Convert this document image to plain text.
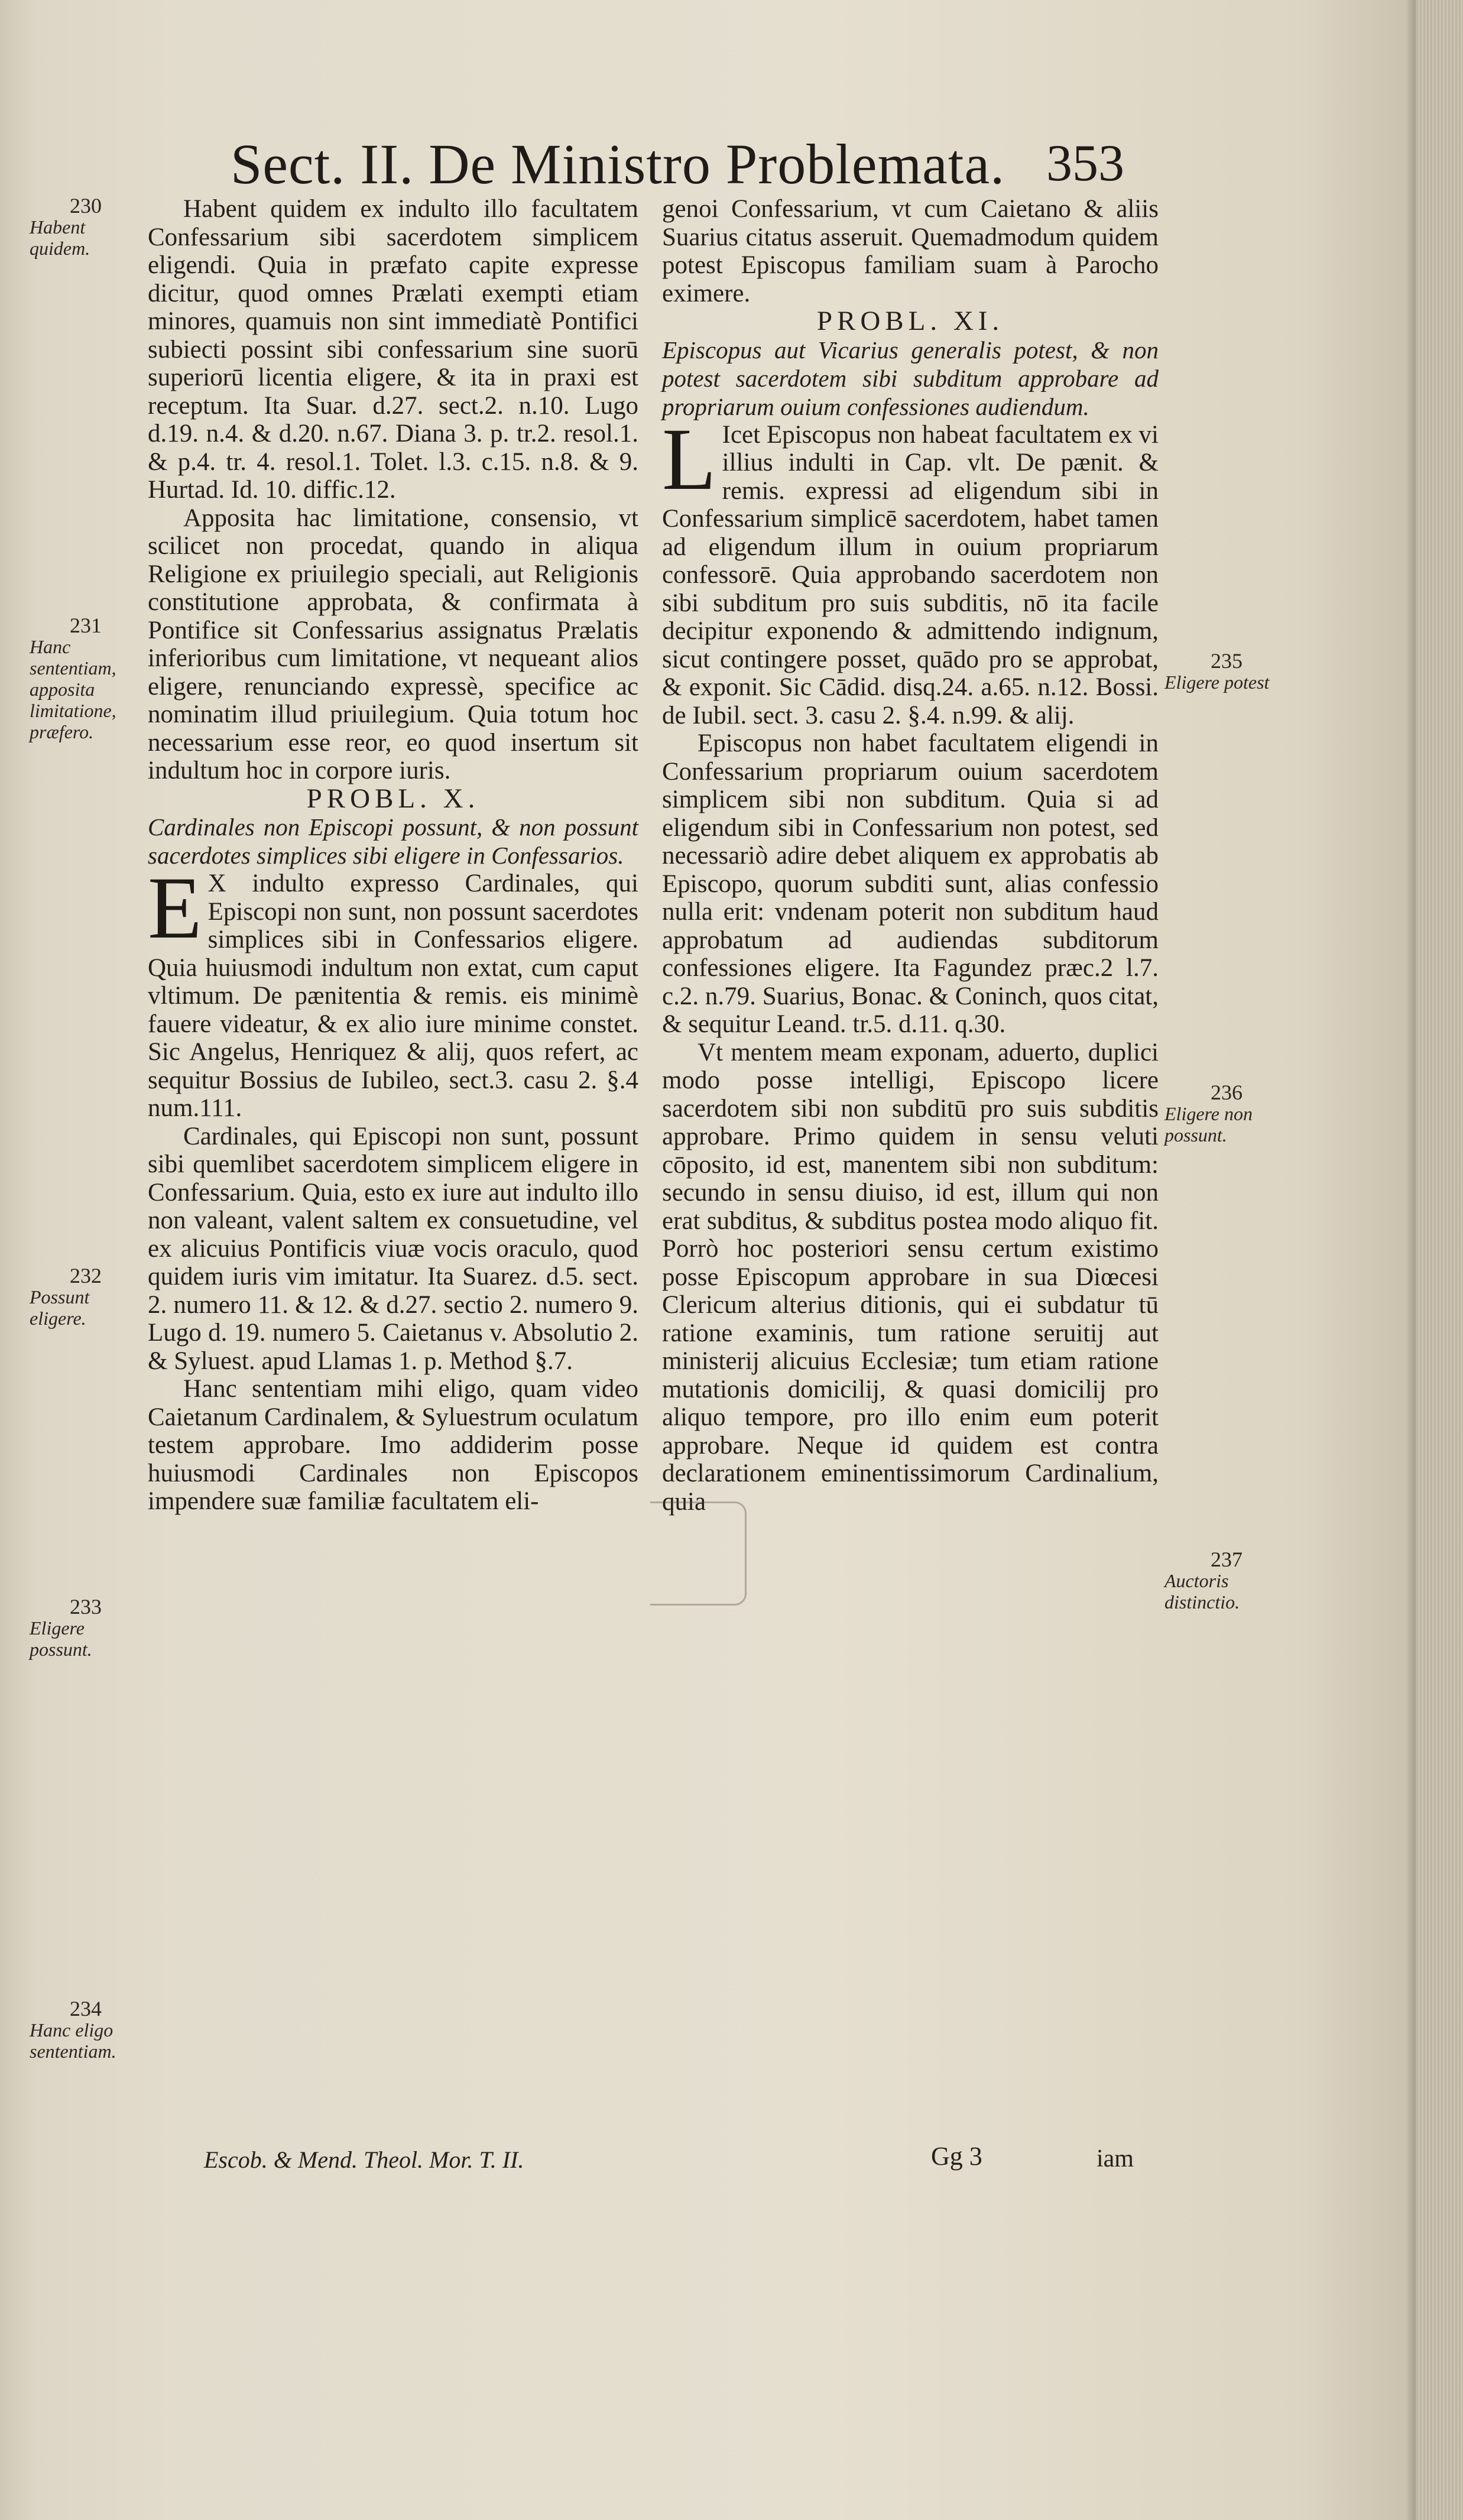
Sect. II. De Ministro Problemata. 353

Habent quidem ex indulto illo facultatem Confessarium sibi sacerdotem simplicem eligendi. Quia in præfato capite expresse dicitur, quod omnes Prælati exempti etiam minores, quamuis non sint immediatè Pontifici subiecti possint sibi confessarium sine suorū superiorū licentia eligere, & ita in praxi est receptum. Ita Suar. d.27. sect.2. n.10. Lugo d.19. n.4. & d.20. n.67. Diana 3. p. tr.2. resol.1. & p.4. tr. 4. resol.1. Tolet. l.3. c.15. n.8. & 9. Hurtad. Id. 10. diffic.12.

Apposita hac limitatione, consensio, vt scilicet non procedat, quando in aliqua Religione ex priuilegio speciali, aut Religionis constitutione approbata, & confirmata à Pontifice sit Confessarius assignatus Prælatis inferioribus cum limitatione, vt nequeant alios eligere, renunciando expressè, specifice ac nominatim illud priuilegium. Quia totum hoc necessarium esse reor, eo quod insertum sit indultum hoc in corpore iuris.

PROBL. X.

Cardinales non Episcopi possunt, & non possunt sacerdotes simplices sibi eligere in Confessarios.

E X indulto expresso Cardinales, qui Episcopi non sunt, non possunt sacerdotes simplices sibi in Confessarios eligere. Quia huiusmodi indultum non extat, cum caput vltimum. De pænitentia & remis. eis minimè fauere videatur, & ex alio iure minime constet. Sic Angelus, Henriquez & alij, quos refert, ac sequitur Bossius de Iubileo, sect.3. casu 2. §.4 num.111.

Cardinales, qui Episcopi non sunt, possunt sibi quemlibet sacerdotem simplicem eligere in Confessarium. Quia, esto ex iure aut indulto illo non valeant, valent saltem ex consuetudine, vel ex alicuius Pontificis viuæ vocis oraculo, quod quidem iuris vim imitatur. Ita Suarez. d.5. sect. 2. numero 11. & 12. & d.27. sectio 2. numero 9. Lugo d. 19. numero 5. Caietanus v. Absolutio 2. & Syluest. apud Llamas 1. p. Method §.7.

Hanc sententiam mihi eligo, quam video Caietanum Cardinalem, & Syluestrum oculatum testem approbare. Imo addiderim posse huiusmodi Cardinales non Episcopos impendere suæ familiæ facultatem eli-

genoi Confessarium, vt cum Caietano & aliis Suarius citatus asseruit. Quemadmodum quidem potest Episcopus familiam suam à Parocho eximere.

PROBL. XI.

Episcopus aut Vicarius generalis potest, & non potest sacerdotem sibi subditum approbare ad propriarum ouium confessiones audiendum.

L Icet Episcopus non habeat facultatem ex vi illius indulti in Cap. vlt. De pænit. & remis. expressi ad eligendum sibi in Confessarium simplicē sacerdotem, habet tamen ad eligendum illum in ouium propriarum confessorē. Quia approbando sacerdotem non sibi subditum pro suis subditis, nō ita facile decipitur exponendo & admittendo indignum, sicut contingere posset, quādo pro se approbat, & exponit. Sic Cādid. disq.24. a.65. n.12. Bossi. de Iubil. sect. 3. casu 2. §.4. n.99. & alij.

Episcopus non habet facultatem eligendi in Confessarium propriarum ouium sacerdotem simplicem sibi non subditum. Quia si ad eligendum sibi in Confessarium non potest, sed necessariò adire debet aliquem ex approbatis ab Episcopo, quorum subditi sunt, alias confessio nulla erit: vndenam poterit non subditum haud approbatum ad audiendas subditorum confessiones eligere. Ita Fagundez præc.2 l.7. c.2. n.79. Suarius, Bonac. & Coninch, quos citat, & sequitur Leand. tr.5. d.11. q.30.

Vt mentem meam exponam, aduerto, duplici modo posse intelligi, Episcopo licere sacerdotem sibi non subditū pro suis subditis approbare. Primo quidem in sensu veluti cōposito, id est, manentem sibi non subditum: secundo in sensu diuiso, id est, illum qui non erat subditus, & subditus postea modo aliquo fit. Porrò hoc posteriori sensu certum existimo posse Episcopum approbare in sua Diœcesi Clericum alterius ditionis, qui ei subdatur tū ratione examinis, tum ratione seruitij aut ministerij alicuius Ecclesiæ; tum etiam ratione mutationis domicilij, & quasi domicilij pro aliquo tempore, pro illo enim eum poterit approbare. Neque id quidem est contra declarationem eminentissimorum Cardinalium, quia

230
Habent quidem.
231
Hanc sententiam, apposita limitatione, præfero.
232
Possunt eligere.
233
Eligere possunt.
234
Hanc eligo sententiam.
235
Eligere potest
236
Eligere non possunt.
237
Auctoris distinctio.
Escob. & Mend. Theol. Mor. T. II.	Gg 3	iam
